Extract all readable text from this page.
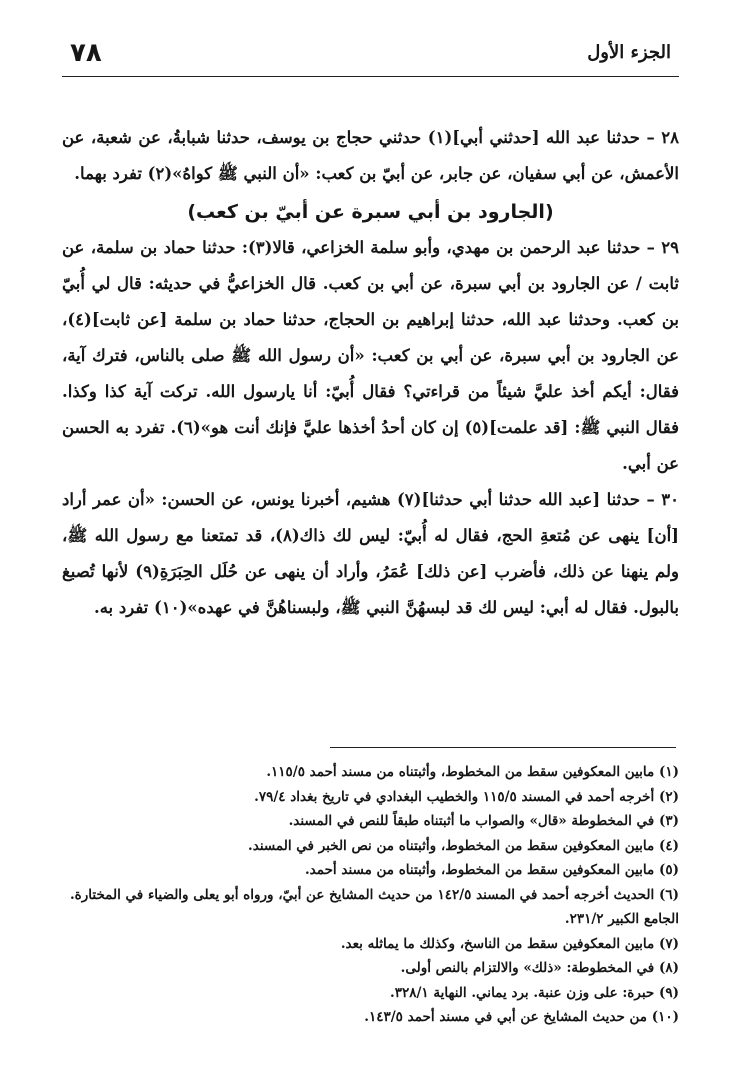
٧٨	الجزء الأول

٢٨ – حدثنا عبد الله [حدثني أبي](١) حدثني حجاج بن يوسف، حدثنا شبابةُ، عن شعبة، عن الأعمش، عن أبي سفيان، عن جابر، عن أبيّ بن كعب: «أن النبي ﷺ كواهُ»(٢) تفرد بهما.

(الجارود بن أبي سبرة عن أبيّ بن كعب)

٢٩ – حدثنا عبد الرحمن بن مهدي، وأبو سلمة الخزاعي، قالا(٣): حدثنا حماد بن سلمة، عن ثابت / عن الجارود بن أبي سبرة، عن أبي بن كعب. قال الخزاعيُّ في حديثه: قال لي أُبيّ بن كعب. وحدثنا عبد الله، حدثنا إبراهيم بن الحجاج، حدثنا حماد بن سلمة [عن ثابت](٤)، عن الجارود بن أبي سبرة، عن أبي بن كعب: «أن رسول الله ﷺ صلى بالناس، فترك آية، فقال: أيكم أخذ عليَّ شيئاً من قراءتي؟ فقال أُبيّ: أنا يارسول الله. تركت آية كذا وكذا. فقال النبي ﷺ: [قد علمت](٥) إن كان أحدُ أخذها عليَّ فإنك أنت هو»(٦). تفرد به الحسن عن أبي.

٣٠ – حدثنا [عبد الله حدثنا أبي حدثنا](٧) هشيم، أخبرنا يونس، عن الحسن: «أن عمر أراد [أن] ينهى عن مُتعةِ الحج، فقال له أُبيّ: ليس لك ذاك(٨)، قد تمتعنا مع رسول الله ﷺ، ولم ينهنا عن ذلك، فأضرب [عن ذلك] عُمَرُ، وأراد أن ينهى عن حُلَل الحِبَرَةِ(٩) لأنها تُصبغ بالبول. فقال له أبي: ليس لك قد لبسهُنَّ النبي ﷺ، ولبسناهُنَّ في عهده»(١٠) تفرد به.

(١) مابين المعكوفين سقط من المخطوط، وأثبتناه من مسند أحمد ١١٥/٥.

(٢) أخرجه أحمد في المسند ١١٥/٥ والخطيب البغدادي في تاريخ بغداد ٧٩/٤.

(٣) في المخطوطة «قال» والصواب ما أثبتناه طبقاً للنص في المسند.

(٤) مابين المعكوفين سقط من المخطوط، وأثبتناه من نص الخبر في المسند.

(٥) مابين المعكوفين سقط من المخطوط، وأثبتناه من مسند أحمد.

(٦) الحديث أخرجه أحمد في المسند ١٤٢/٥ من حديث المشايخ عن أبيّ، ورواه أبو يعلى والضياء في المختارة. الجامع الكبير ٢٣١/٢.

(٧) مابين المعكوفين سقط من الناسخ، وكذلك ما يماثله بعد.

(٨) في المخطوطة: «ذلك» والالتزام بالنص أولى.

(٩) حبرة: على وزن عنبة. برد يماني. النهاية ٣٢٨/١.

(١٠) من حديث المشايخ عن أبي في مسند أحمد ١٤٣/٥.
